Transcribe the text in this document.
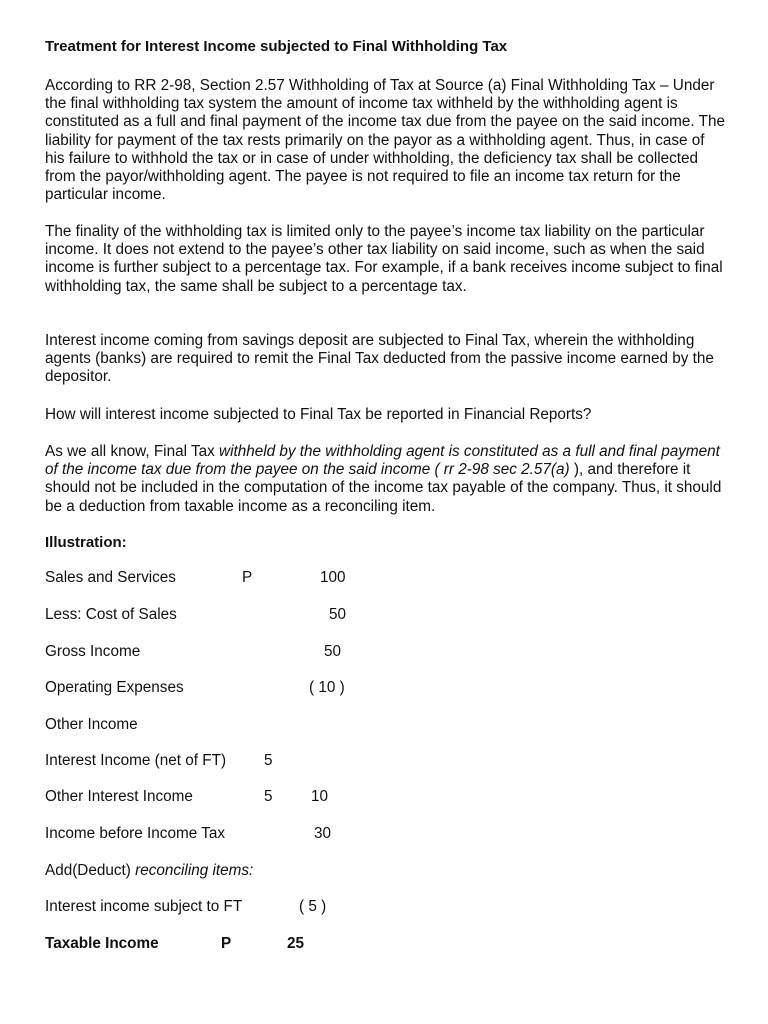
Treatment for Interest Income subjected to Final Withholding Tax

According to RR 2-98, Section 2.57 Withholding of Tax at Source (a) Final Withholding Tax – Under the final withholding tax system the amount of income tax withheld by the withholding agent is constituted as a full and final payment of the income tax due from the payee on the said income. The liability for payment of the tax rests primarily on the payor as a withholding agent. Thus, in case of his failure to withhold the tax or in case of under withholding, the deficiency tax shall be collected from the payor/withholding agent. The payee is not required to file an income tax return for the particular income.

The finality of the withholding tax is limited only to the payee’s income tax liability on the particular income. It does not extend to the payee’s other tax liability on said income, such as when the said income is further subject to a percentage tax. For example, if a bank receives income subject to final withholding tax, the same shall be subject to a percentage tax.

Interest income coming from savings deposit are subjected to Final Tax, wherein the withholding agents (banks) are required to remit the Final Tax deducted from the passive income earned by the depositor.

How will interest income subjected to Final Tax be reported in Financial Reports?

As we all know, Final Tax withheld by the withholding agent is constituted as a full and final payment of the income tax due from the payee on the said income ( rr 2-98 sec 2.57(a) ), and therefore it should not be included in the computation of the income tax payable of the company. Thus, it should be a deduction from taxable income as a reconciling item.

Illustration:
Sales and Services	P	100
Less: Cost of Sales	50
Gross Income	50
Operating Expenses	( 10 )
Other Income
Interest Income (net of FT) 5
Other Interest Income	5	10
Income before Income Tax	30
Add(Deduct) reconciling items:
Interest income subject to FT	( 5 )
Taxable Income	P	25
